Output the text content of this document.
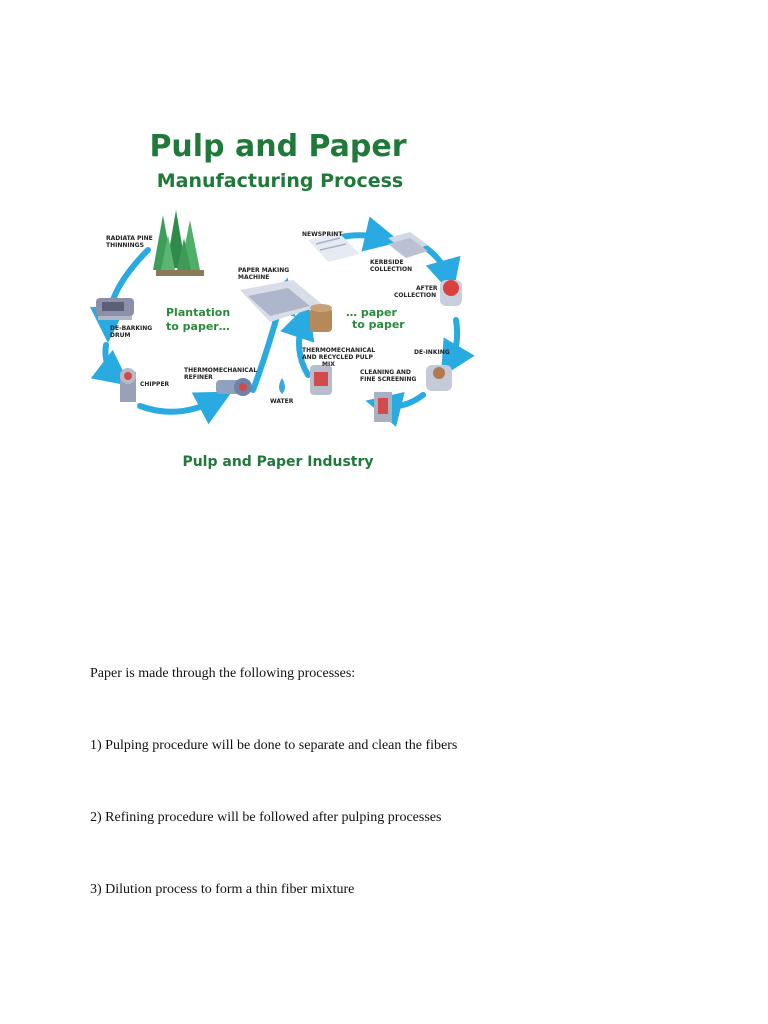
Pulp and Paper
Manufacturing Process
Plantation
to paper…
… paper
to paper
RADIATA PINE
THINNINGS
DE-BARKING
DRUM
CHIPPER
THERMOMECHANICAL
REFINER
WATER
PAPER MAKING
MACHINE
NEWSPRINT
KERBSIDE
COLLECTION
AFTER
COLLECTION
DE-INKING
CLEANING AND
FINE SCREENING
THERMOMECHANICAL
AND RECYCLED PULP
MIX
Pulp and Paper Industry

Paper is made through the following processes:

1) Pulping procedure will be done to separate and clean the fibers

2) Refining procedure will be followed after pulping processes

3) Dilution process to form a thin fiber mixture
